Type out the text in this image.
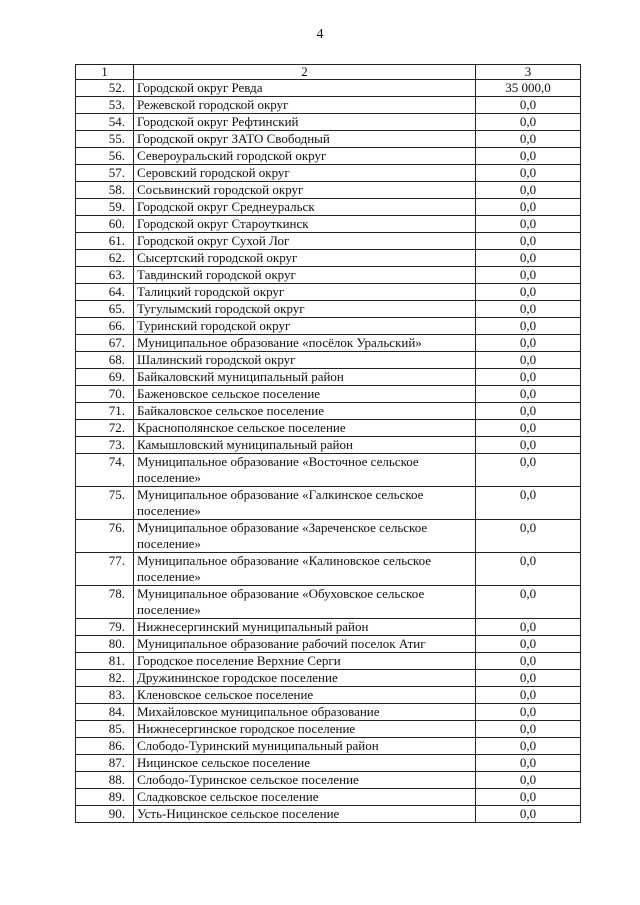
4
1	2	3
52.	Городской округ Ревда	35 000,0
53.	Режевской городской округ	0,0
54.	Городской округ Рефтинский	0,0
55.	Городской округ ЗАТО Свободный	0,0
56.	Североуральский городской округ	0,0
57.	Серовский городской округ	0,0
58.	Сосьвинский городской округ	0,0
59.	Городской округ Среднеуральск	0,0
60.	Городской округ Староуткинск	0,0
61.	Городской округ Сухой Лог	0,0
62.	Сысертский городской округ	0,0
63.	Тавдинский городской округ	0,0
64.	Талицкий городской округ	0,0
65.	Тугулымский городской округ	0,0
66.	Туринский городской округ	0,0
67.	Муниципальное образование «посёлок Уральский»	0,0
68.	Шалинский городской округ	0,0
69.	Байкаловский муниципальный район	0,0
70.	Баженовское сельское поселение	0,0
71.	Байкаловское сельское поселение	0,0
72.	Краснополянское сельское поселение	0,0
73.	Камышловский муниципальный район	0,0
74.	Муниципальное образование «Восточное сельское поселение»	0,0
75.	Муниципальное образование «Галкинское сельское поселение»	0,0
76.	Муниципальное образование «Зареченское сельское поселение»	0,0
77.	Муниципальное образование «Калиновское сельское поселение»	0,0
78.	Муниципальное образование «Обуховское сельское поселение»	0,0
79.	Нижнесергинский муниципальный район	0,0
80.	Муниципальное образование рабочий поселок Атиг	0,0
81.	Городское поселение Верхние Серги	0,0
82.	Дружининское городское поселение	0,0
83.	Кленовское сельское поселение	0,0
84.	Михайловское муниципальное образование	0,0
85.	Нижнесергинское городское поселение	0,0
86.	Слободо-Туринский муниципальный район	0,0
87.	Ницинское сельское поселение	0,0
88.	Слободо-Туринское сельское поселение	0,0
89.	Сладковское сельское поселение	0,0
90.	Усть-Ницинское сельское поселение	0,0
